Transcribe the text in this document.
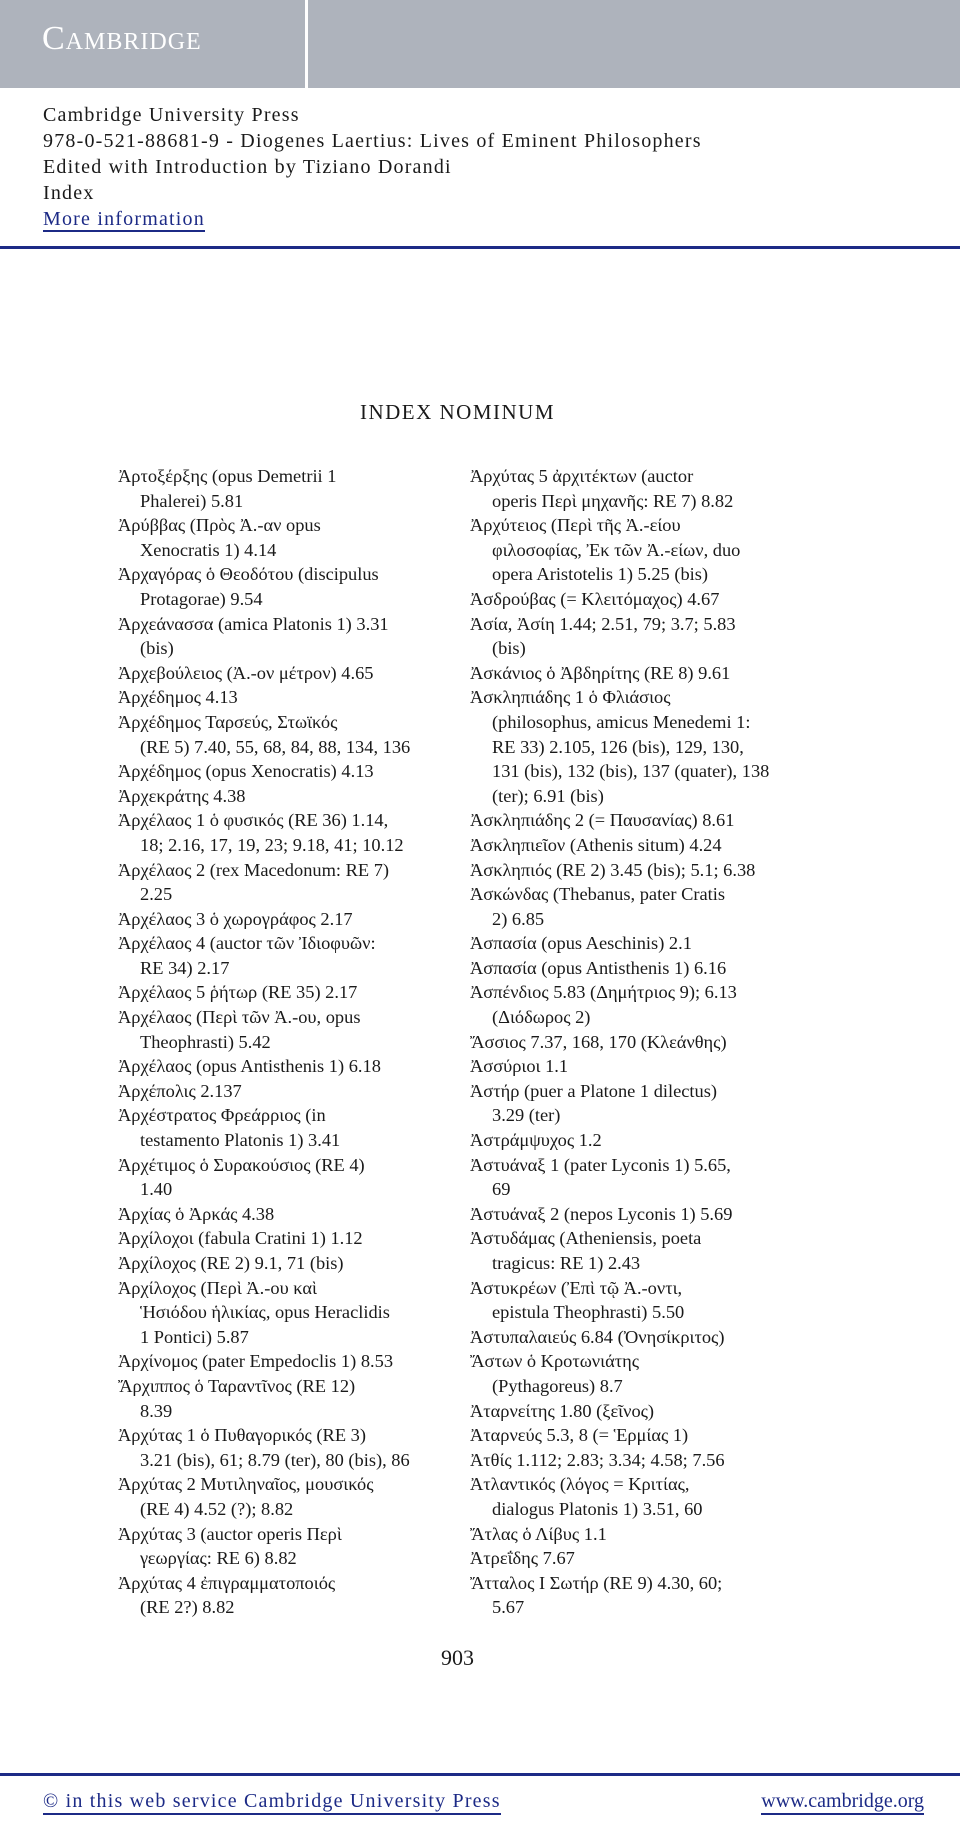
Cambridge
Cambridge University Press
978-0-521-88681-9 - Diogenes Laertius: Lives of Eminent Philosophers
Edited with Introduction by Tiziano Dorandi
Index
More information
INDEX NOMINUM
Ἀρτοξέρξης (opus Demetrii 1
Phalerei) 5.81
Ἀρύββας (Πρὸς Ἀ.-αν opus
Xenocratis 1) 4.14
Ἀρχαγόρας ὁ Θεοδότου (discipulus
Protagorae) 9.54
Ἀρχεάνασσα (amica Platonis 1) 3.31
(bis)
Ἀρχεβούλειος (Ἀ.-ον μέτρον) 4.65
Ἀρχέδημος 4.13
Ἀρχέδημος Ταρσεύς, Στωϊκός
(RE 5) 7.40, 55, 68, 84, 88, 134, 136
Ἀρχέδημος (opus Xenocratis) 4.13
Ἀρχεκράτης 4.38
Ἀρχέλαος 1 ὁ φυσικός (RE 36) 1.14,
18; 2.16, 17, 19, 23; 9.18, 41; 10.12
Ἀρχέλαος 2 (rex Macedonum: RE 7)
2.25
Ἀρχέλαος 3 ὁ χωρογράφος 2.17
Ἀρχέλαος 4 (auctor τῶν Ἰδιοφυῶν:
RE 34) 2.17
Ἀρχέλαος 5 ῥήτωρ (RE 35) 2.17
Ἀρχέλαος (Περὶ τῶν Ἀ.-ου, opus
Theophrasti) 5.42
Ἀρχέλαος (opus Antisthenis 1) 6.18
Ἀρχέπολις 2.137
Ἀρχέστρατος Φρεάρριος (in
testamento Platonis 1) 3.41
Ἀρχέτιμος ὁ Συρακούσιος (RE 4)
1.40
Ἀρχίας ὁ Ἀρκάς 4.38
Ἀρχίλοχοι (fabula Cratini 1) 1.12
Ἀρχίλοχος (RE 2) 9.1, 71 (bis)
Ἀρχίλοχος (Περὶ Ἀ.-ου καὶ
Ἡσιόδου ἡλικίας, opus Heraclidis
1 Pontici) 5.87
Ἀρχίνομος (pater Empedoclis 1) 8.53
Ἄρχιππος ὁ Ταραντῖνος (RE 12)
8.39
Ἀρχύτας 1 ὁ Πυθαγορικός (RE 3)
3.21 (bis), 61; 8.79 (ter), 80 (bis), 86
Ἀρχύτας 2 Μυτιληναῖος, μουσικός
(RE 4) 4.52 (?); 8.82
Ἀρχύτας 3 (auctor operis Περὶ
γεωργίας: RE 6) 8.82
Ἀρχύτας 4 ἐπιγραμματοποιός
(RE 2?) 8.82
Ἀρχύτας 5 ἀρχιτέκτων (auctor
operis Περὶ μηχανῆς: RE 7) 8.82
Ἀρχύτειος (Περὶ τῆς Ἀ.-είου
φιλοσοφίας, Ἐκ τῶν Ἀ.-είων, duo
opera Aristotelis 1) 5.25 (bis)
Ἀσδρούβας (= Κλειτόμαχος) 4.67
Ἀσία, Ἀσίη 1.44; 2.51, 79; 3.7; 5.83
(bis)
Ἀσκάνιος ὁ Ἀβδηρίτης (RE 8) 9.61
Ἀσκληπιάδης 1 ὁ Φλιάσιος
(philosophus, amicus Menedemi 1:
RE 33) 2.105, 126 (bis), 129, 130,
131 (bis), 132 (bis), 137 (quater), 138
(ter); 6.91 (bis)
Ἀσκληπιάδης 2 (= Παυσανίας) 8.61
Ἀσκληπιεῖον (Athenis situm) 4.24
Ἀσκληπιός (RE 2) 3.45 (bis); 5.1; 6.38
Ἀσκώνδας (Thebanus, pater Cratis
2) 6.85
Ἀσπασία (opus Aeschinis) 2.1
Ἀσπασία (opus Antisthenis 1) 6.16
Ἀσπένδιος 5.83 (Δημήτριος 9); 6.13
(Διόδωρος 2)
Ἄσσιος 7.37, 168, 170 (Κλεάνθης)
Ἀσσύριοι 1.1
Ἀστήρ (puer a Platone 1 dilectus)
3.29 (ter)
Ἀστράμψυχος 1.2
Ἀστυάναξ 1 (pater Lyconis 1) 5.65,
69
Ἀστυάναξ 2 (nepos Lyconis 1) 5.69
Ἀστυδάμας (Atheniensis, poeta
tragicus: RE 1) 2.43
Ἀστυκρέων (Ἐπὶ τῷ Ἀ.-οντι,
epistula Theophrasti) 5.50
Ἀστυπαλαιεύς 6.84 (Ὀνησίκριτος)
Ἄστων ὁ Κροτωνιάτης
(Pythagoreus) 8.7
Ἀταρνείτης 1.80 (ξεῖνος)
Ἀταρνεύς 5.3, 8 (= Ἑρμίας 1)
Ἀτθίς 1.112; 2.83; 3.34; 4.58; 7.56
Ἀτλαντικός (λόγος = Κριτίας,
dialogus Platonis 1) 3.51, 60
Ἄτλας ὁ Λίβυς 1.1
Ἀτρεΐδης 7.67
Ἄτταλος Ι Σωτήρ (RE 9) 4.30, 60;
5.67
903
© in this web service Cambridge University Press	www.cambridge.org
